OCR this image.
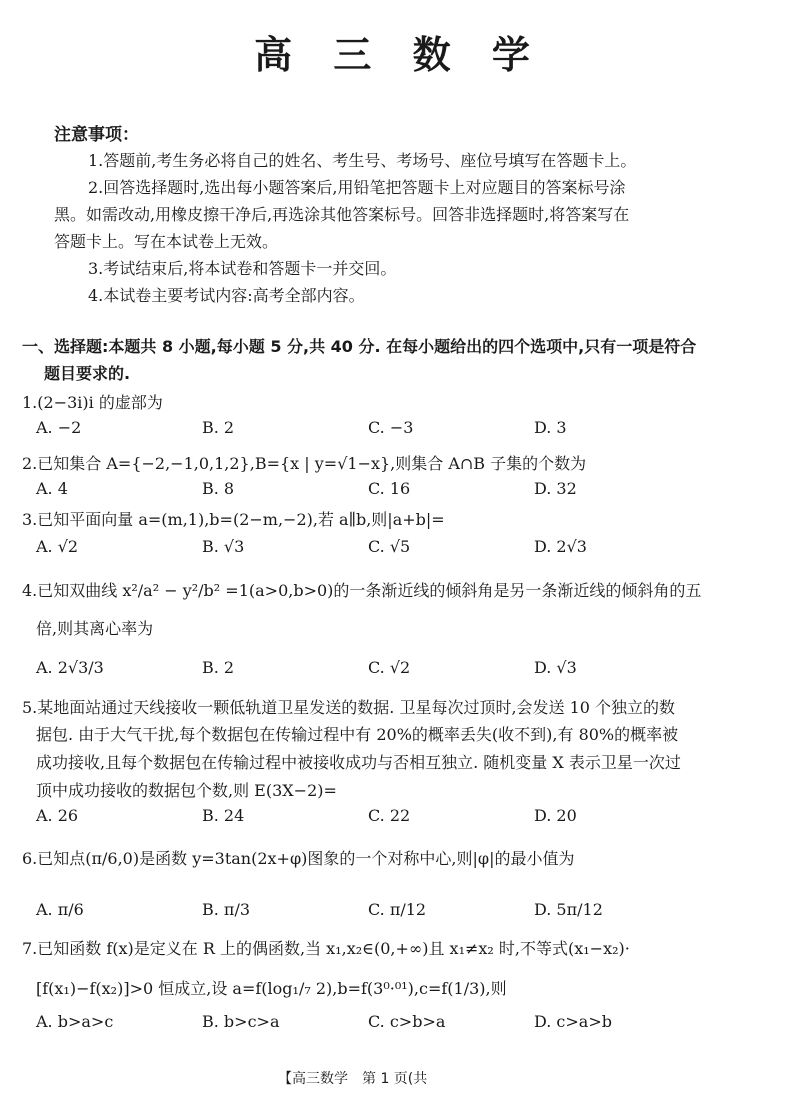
高 三 数 学
注意事项：
1.答题前,考生务必将自己的姓名、考生号、考场号、座位号填写在答题卡上。
2.回答选择题时,选出每小题答案后,用铅笔把答题卡上对应题目的答案标号涂
黑。如需改动,用橡皮擦干净后,再选涂其他答案标号。回答非选择题时,将答案写在
答题卡上。写在本试卷上无效。
3.考试结束后,将本试卷和答题卡一并交回。
4.本试卷主要考试内容:高考全部内容。
一、选择题:本题共 8 小题,每小题 5 分,共 40 分. 在每小题给出的四个选项中,只有一项是符合
题目要求的.
1.(2−3i)i 的虚部为
A. −2	B. 2	C. −3	D. 3
2.已知集合 A={−2,−1,0,1,2},B={x | y=√1−x},则集合 A∩B 子集的个数为
A. 4	B. 8	C. 16	D. 32
3.已知平面向量 a=(m,1),b=(2−m,−2),若 a∥b,则|a+b|=
A. √2	B. √3	C. √5	D. 2√3
4.已知双曲线 x²/a² − y²/b² =1(a>0,b>0)的一条渐近线的倾斜角是另一条渐近线的倾斜角的五
倍,则其离心率为
A. 2√3/3	B. 2	C. √2	D. √3
5.某地面站通过天线接收一颗低轨道卫星发送的数据. 卫星每次过顶时,会发送 10 个独立的数
据包. 由于大气干扰,每个数据包在传输过程中有 20%的概率丢失(收不到),有 80%的概率被
成功接收,且每个数据包在传输过程中被接收成功与否相互独立. 随机变量 X 表示卫星一次过
顶中成功接收的数据包个数,则 E(3X−2)=
A. 26	B. 24	C. 22	D. 20
6.已知点(π/6,0)是函数 y=3tan(2x+φ)图象的一个对称中心,则|φ|的最小值为
A. π/6	B. π/3	C. π/12	D. 5π/12
7.已知函数 f(x)是定义在 R 上的偶函数,当 x₁,x₂∈(0,+∞)且 x₁≠x₂ 时,不等式(x₁−x₂)·
[f(x₁)−f(x₂)]>0 恒成立,设 a=f(log₁/₇ 2),b=f(3⁰·⁰¹),c=f(1/3),则
A. b>a>c	B. b>c>a	C. c>b>a	D. c>a>b
【高三数学　第 1 页(共
